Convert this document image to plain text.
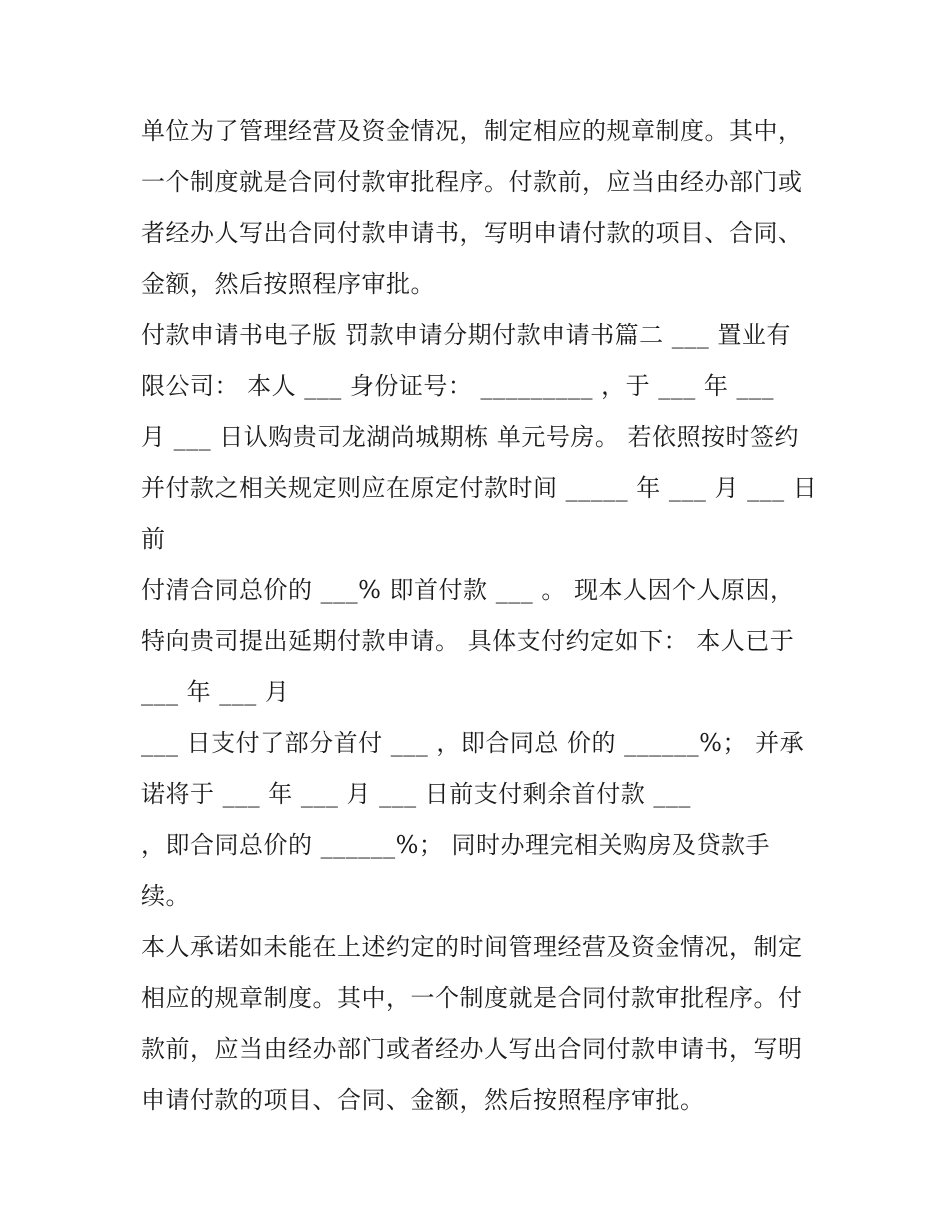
单位为了管理经营及资金情况，制定相应的规章制度。其中，
一个制度就是合同付款审批程序。付款前，应当由经办部门或
者经办人写出合同付款申请书，写明申请付款的项目、合同、
金额，然后按照程序审批。
付款申请书电子版 罚款申请分期付款申请书篇二 ___ 置业有
限公司： 本人 ___ 身份证号： _________ ，于 ___ 年 ___
月 ___ 日认购贵司龙湖尚城期栋 单元号房。 若依照按时签约
并付款之相关规定则应在原定付款时间 _____ 年 ___ 月 ___ 日
前
付清合同总价的 ___% 即首付款 ___ 。 现本人因个人原因，
特向贵司提出延期付款申请。 具体支付约定如下： 本人已于
___ 年 ___ 月
___ 日支付了部分首付 ___ ，即合同总 价的 ______%； 并承
诺将于 ___ 年 ___ 月 ___ 日前支付剩余首付款 ___
，即合同总价的 ______%； 同时办理完相关购房及贷款手
续。
本人承诺如未能在上述约定的时间管理经营及资金情况，制定
相应的规章制度。其中，一个制度就是合同付款审批程序。付
款前，应当由经办部门或者经办人写出合同付款申请书，写明
申请付款的项目、合同、金额，然后按照程序审批。
